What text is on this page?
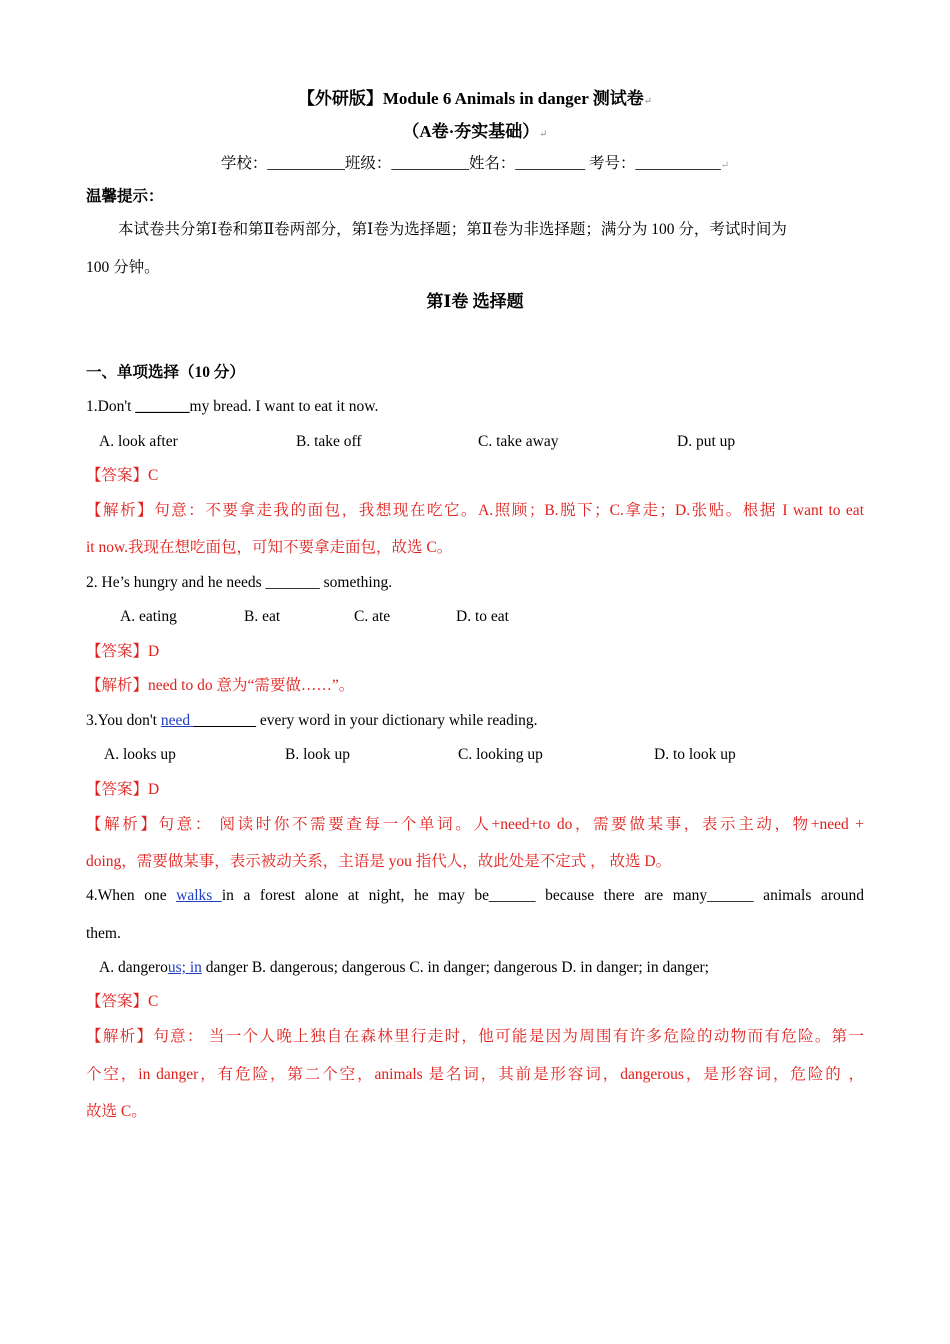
【外研版】Module 6 Animals in danger 测试卷↵
（A卷·夯实基础）↵
学校：__________班级：__________姓名：_________ 考号：___________↵
温馨提示：
本试卷共分第Ⅰ卷和第Ⅱ卷两部分，第Ⅰ卷为选择题；第Ⅱ卷为非选择题；满分为 100 分，考试时间为
100 分钟。
第Ⅰ卷 选择题
一、单项选择（10 分）
1.Don't _______my bread. I want to eat it now.
A. look after	B. take off	C. take away	D. put up
【答案】C
【解析】句意：不要拿走我的面包，我想现在吃它。A.照顾；B.脱下；C.拿走；D.张贴。根据 I want to eat
it now.我现在想吃面包，可知不要拿走面包，故选 C。
2. He’s hungry and he needs _______ something.
A. eating	B. eat	C. ate	D. to eat
【答案】D
【解析】need to do 意为“需要做……”。
3.You don't need ________ every word in your dictionary while reading.
A. looks up	B. look up	C. looking up	D. to look up
【答案】D
【解析】句意： 阅读时你不需要查每一个单词。人+need+to do，需要做某事，表示主动，物+need +
doing，需要做某事，表示被动关系，主语是 you 指代人，故此处是不定式 ， 故选 D。
4.When one walks in a forest alone at night, he may be______ because there are many______ animals around
them.
A. dangerous; in danger B. dangerous; dangerous C. in danger; dangerous D. in danger; in danger;
【答案】C
【解析】句意： 当一个人晚上独自在森林里行走时，他可能是因为周围有许多危险的动物而有危险。第一
个空，in danger，有危险，第二个空，animals 是名词，其前是形容词，dangerous，是形容词，危险的 ，
故选 C。
